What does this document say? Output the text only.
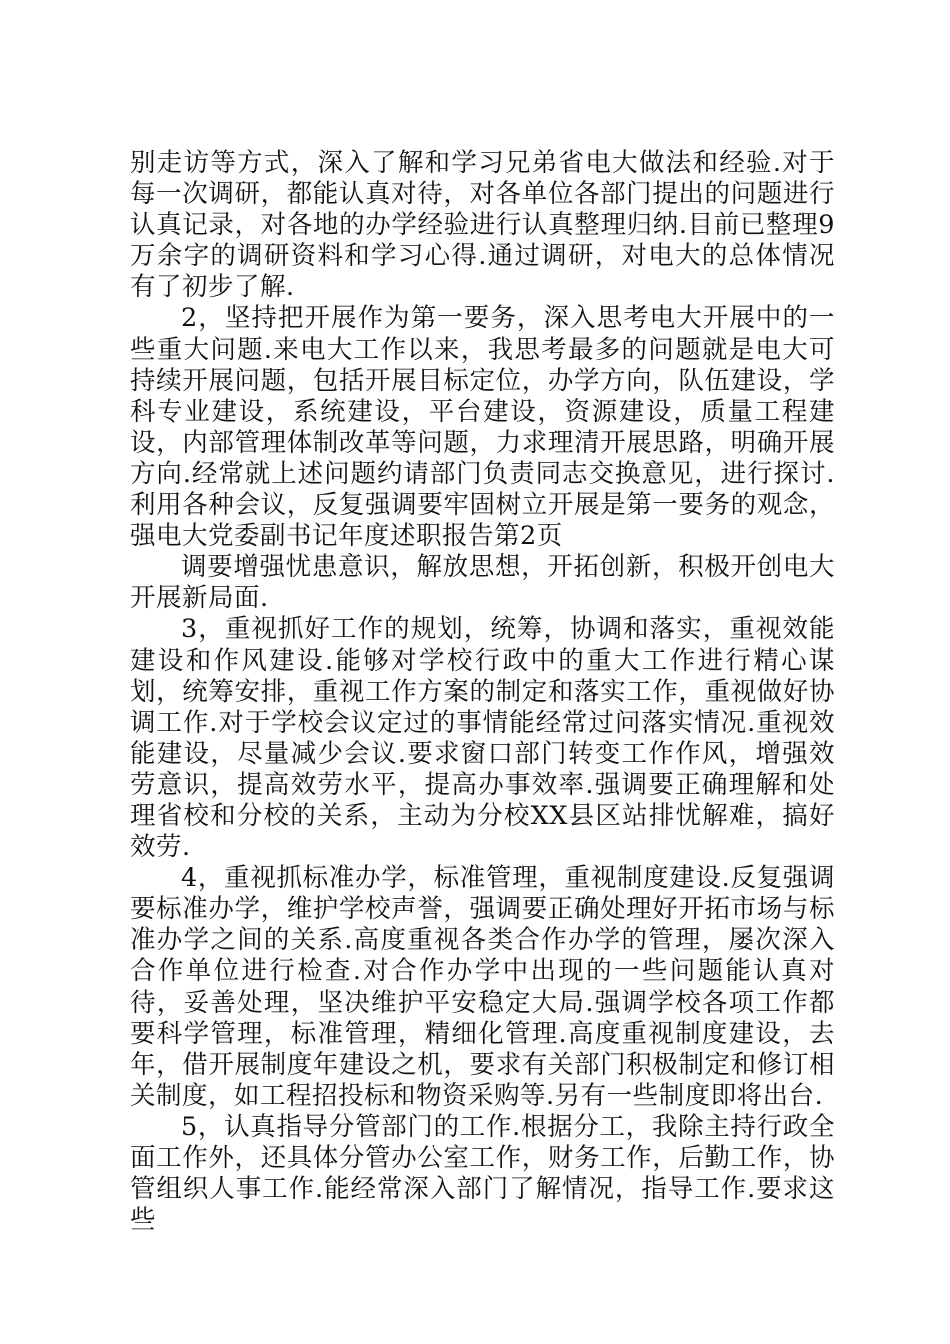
别走访等方式，深入了解和学习兄弟省电大做法和经验.对于每一次调研，都能认真对待，对各单位各部门提出的问题进行认真记录，对各地的办学经验进行认真整理归纳.目前已整理9万余字的调研资料和学习心得.通过调研，对电大的总体情况有了初步了解.

2，坚持把开展作为第一要务，深入思考电大开展中的一些重大问题.来电大工作以来，我思考最多的问题就是电大可持续开展问题，包括开展目标定位，办学方向，队伍建设，学科专业建设，系统建设，平台建设，资源建设，质量工程建设，内部管理体制改革等问题，力求理清开展思路，明确开展方向.经常就上述问题约请部门负责同志交换意见，进行探讨.利用各种会议，反复强调要牢固树立开展是第一要务的观念，强电大党委副书记年度述职报告第2页

调要增强忧患意识，解放思想，开拓创新，积极开创电大开展新局面.

3，重视抓好工作的规划，统筹，协调和落实，重视效能建设和作风建设.能够对学校行政中的重大工作进行精心谋划，统筹安排，重视工作方案的制定和落实工作，重视做好协调工作.对于学校会议定过的事情能经常过问落实情况.重视效能建设，尽量减少会议.要求窗口部门转变工作作风，增强效劳意识，提高效劳水平，提高办事效率.强调要正确理解和处理省校和分校的关系，主动为分校XX县区站排忧解难，搞好效劳.

4，重视抓标准办学，标准管理，重视制度建设.反复强调要标准办学，维护学校声誉，强调要正确处理好开拓市场与标准办学之间的关系.高度重视各类合作办学的管理，屡次深入合作单位进行检查.对合作办学中出现的一些问题能认真对待，妥善处理，坚决维护平安稳定大局.强调学校各项工作都要科学管理，标准管理，精细化管理.高度重视制度建设，去年，借开展制度年建设之机，要求有关部门积极制定和修订相关制度，如工程招投标和物资采购等.另有一些制度即将出台.

5，认真指导分管部门的工作.根据分工，我除主持行政全面工作外，还具体分管办公室工作，财务工作，后勤工作，协管组织人事工作.能经常深入部门了解情况，指导工作.要求这些
